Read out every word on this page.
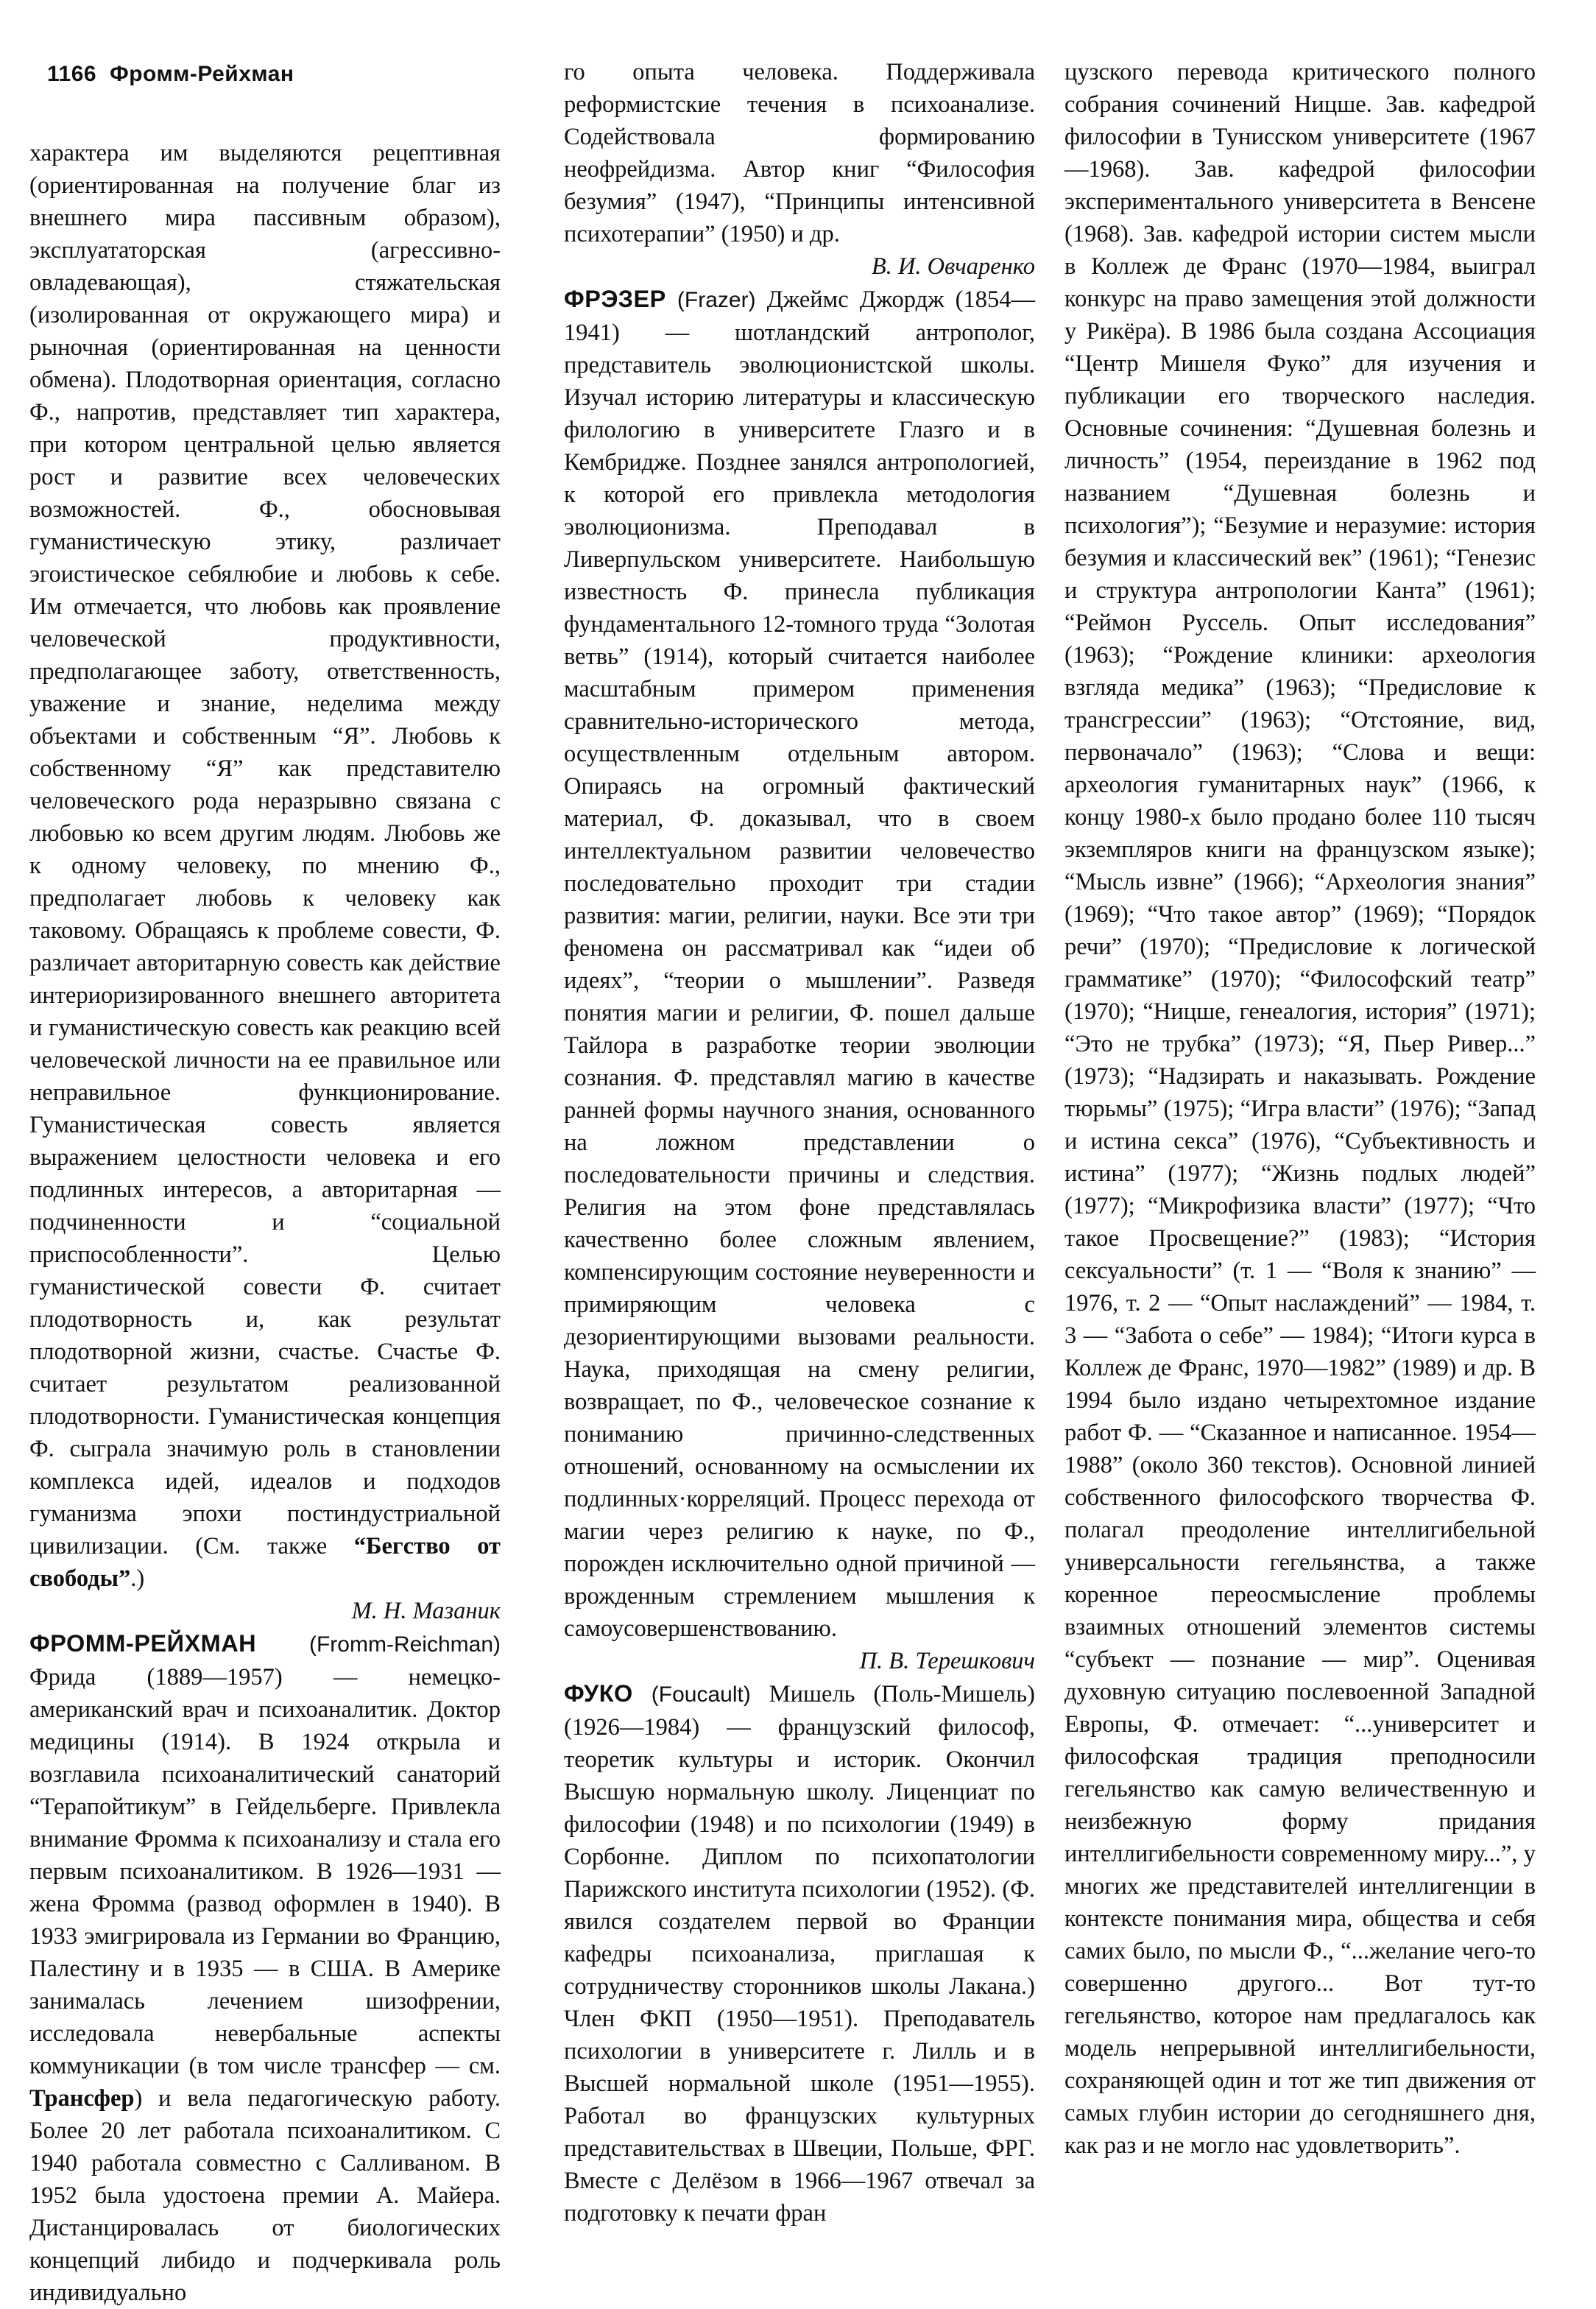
1166 Фромм-Рейхман

характера им выделяются рецептивная (ориентированная на получение благ из внешнего мира пассивным образом), эксплуататорская (агрессивно-овладевающая), стяжательская (изолированная от окружающего мира) и рыночная (ориентированная на ценности обмена). Плодотворная ориентация, согласно Ф., напротив, представляет тип характера, при котором центральной целью является рост и развитие всех человеческих возможностей. Ф., обосновывая гуманистическую этику, различает эгоистическое себялюбие и любовь к себе. Им отмечается, что любовь как проявление человеческой продуктивности, предполагающее заботу, ответственность, уважение и знание, неделима между объектами и собственным “Я”. Любовь к собственному “Я” как представителю человеческого рода неразрывно связана с любовью ко всем другим людям. Любовь же к одному человеку, по мнению Ф., предполагает любовь к человеку как таковому. Обращаясь к проблеме совести, Ф. различает авторитарную совесть как действие интериоризированного внешнего авторитета и гуманистическую совесть как реакцию всей человеческой личности на ее правильное или неправильное функционирование. Гуманистическая совесть является выражением целостности человека и его подлинных интересов, а авторитарная — подчиненности и “социальной приспособленности”. Целью гуманистической совести Ф. считает плодотворность и, как результат плодотворной жизни, счастье. Счастье Ф. считает результатом реализованной плодотворности. Гуманистическая концепция Ф. сыграла значимую роль в становлении комплекса идей, идеалов и подходов гуманизма эпохи постиндустриальной цивилизации. (См. также “Бегство от свободы”.)

М. Н. Мазаник

ФРОММ-РЕЙХМАН (Fromm-Reichman) Фрида (1889—1957) — немецко-американский врач и психоаналитик. Доктор медицины (1914). В 1924 открыла и возглавила психоаналитический санаторий “Терапойтикум” в Гейдельберге. Привлекла внимание Фромма к психоанализу и стала его первым психоаналитиком. В 1926—1931 — жена Фромма (развод оформлен в 1940). В 1933 эмигрировала из Германии во Францию, Палестину и в 1935 — в США. В Америке занималась лечением шизофрении, исследовала невербальные аспекты коммуникации (в том числе трансфер — см. Трансфер) и вела педагогическую работу. Более 20 лет работала психоаналитиком. С 1940 работала совместно с Салливаном. В 1952 была удостоена премии А. Майера. Дистанцировалась от биологических концепций либидо и подчеркивала роль индивидуально

го опыта человека. Поддерживала реформистские течения в психоанализе. Содействовала формированию неофрейдизма. Автор книг “Философия безумия” (1947), “Принципы интенсивной психотерапии” (1950) и др.

В. И. Овчаренко

ФРЭЗЕР (Frazer) Джеймс Джордж (1854—1941) — шотландский антрополог, представитель эволюционистской школы. Изучал историю литературы и классическую филологию в университете Глазго и в Кембридже. Позднее занялся антропологией, к которой его привлекла методология эволюционизма. Преподавал в Ливерпульском университете. Наибольшую известность Ф. принесла публикация фундаментального 12-томного труда “Золотая ветвь” (1914), который считается наиболее масштабным примером применения сравнительно-исторического метода, осуществленным отдельным автором. Опираясь на огромный фактический материал, Ф. доказывал, что в своем интеллектуальном развитии человечество последовательно проходит три стадии развития: магии, религии, науки. Все эти три феномена он рассматривал как “идеи об идеях”, “теории о мышлении”. Разведя понятия магии и религии, Ф. пошел дальше Тайлора в разработке теории эволюции сознания. Ф. представлял магию в качестве ранней формы научного знания, основанного на ложном представлении о последовательности причины и следствия. Религия на этом фоне представлялась качественно более сложным явлением, компенсирующим состояние неуверенности и примиряющим человека с дезориентирующими вызовами реальности. Наука, приходящая на смену религии, возвращает, по Ф., человеческое сознание к пониманию причинно-следственных отношений, основанному на осмыслении их подлинных·корреляций. Процесс перехода от магии через религию к науке, по Ф., порожден исключительно одной причиной — врожденным стремлением мышления к самоусовершенствованию.

П. В. Терешкович

ФУКО (Foucault) Мишель (Поль-Мишель) (1926—1984) — французский философ, теоретик культуры и историк. Окончил Высшую нормальную школу. Лиценциат по философии (1948) и по психологии (1949) в Сорбонне. Диплом по психопатологии Парижского института психологии (1952). (Ф. явился создателем первой во Франции кафедры психоанализа, приглашая к сотрудничеству сторонников школы Лакана.) Член ФКП (1950—1951). Преподаватель психологии в университете г. Лилль и в Высшей нормальной школе (1951—1955). Работал во французских культурных представительствах в Швеции, Польше, ФРГ. Вместе с Делёзом в 1966—1967 отвечал за подготовку к печати фран

цузского перевода критического полного собрания сочинений Ницше. Зав. кафедрой философии в Тунисском университете (1967—1968). Зав. кафедрой философии экспериментального университета в Венсене (1968). Зав. кафедрой истории систем мысли в Коллеж де Франс (1970—1984, выиграл конкурс на право замещения этой должности у Рикёра). В 1986 была создана Ассоциация “Центр Мишеля Фуко” для изучения и публикации его творческого наследия. Основные сочинения: “Душевная болезнь и личность” (1954, переиздание в 1962 под названием “Душевная болезнь и психология”); “Безумие и неразумие: история безумия и классический век” (1961); “Генезис и структура антропологии Канта” (1961); “Реймон Руссель. Опыт исследования” (1963); “Рождение клиники: археология взгляда медика” (1963); “Предисловие к трансгрессии” (1963); “Отстояние, вид, первоначало” (1963); “Слова и вещи: археология гуманитарных наук” (1966, к концу 1980-х было продано более 110 тысяч экземпляров книги на французском языке); “Мысль извне” (1966); “Археология знания” (1969); “Что такое автор” (1969); “Порядок речи” (1970); “Предисловие к логической грамматике” (1970); “Философский театр” (1970); “Ницше, генеалогия, история” (1971); “Это не трубка” (1973); “Я, Пьер Ривер...” (1973); “Надзирать и наказывать. Рождение тюрьмы” (1975); “Игра власти” (1976); “Запад и истина секса” (1976), “Субъективность и истина” (1977); “Жизнь подлых людей” (1977); “Микрофизика власти” (1977); “Что такое Просвещение?” (1983); “История сексуальности” (т. 1 — “Воля к знанию” — 1976, т. 2 — “Опыт наслаждений” — 1984, т. 3 — “Забота о себе” — 1984); “Итоги курса в Коллеж де Франс, 1970—1982” (1989) и др. В 1994 было издано четырехтомное издание работ Ф. — “Сказанное и написанное. 1954—1988” (около 360 текстов). Основной линией собственного философского творчества Ф. полагал преодоление интеллигибельной универсальности гегельянства, а также коренное переосмысление проблемы взаимных отношений элементов системы “субъект — познание — мир”. Оценивая духовную ситуацию послевоенной Западной Европы, Ф. отмечает: “...университет и философская традиция преподносили гегельянство как самую величественную и неизбежную форму придания интеллигибельности современному миру...”, у многих же представителей интеллигенции в контексте понимания мира, общества и себя самих было, по мысли Ф., “...желание чего-то совершенно другого... Вот тут-то гегельянство, которое нам предлагалось как модель непрерывной интеллигибельности, сохраняющей один и тот же тип движения от самых глубин истории до сегодняшнего дня, как раз и не могло нас удовлетворить”.
